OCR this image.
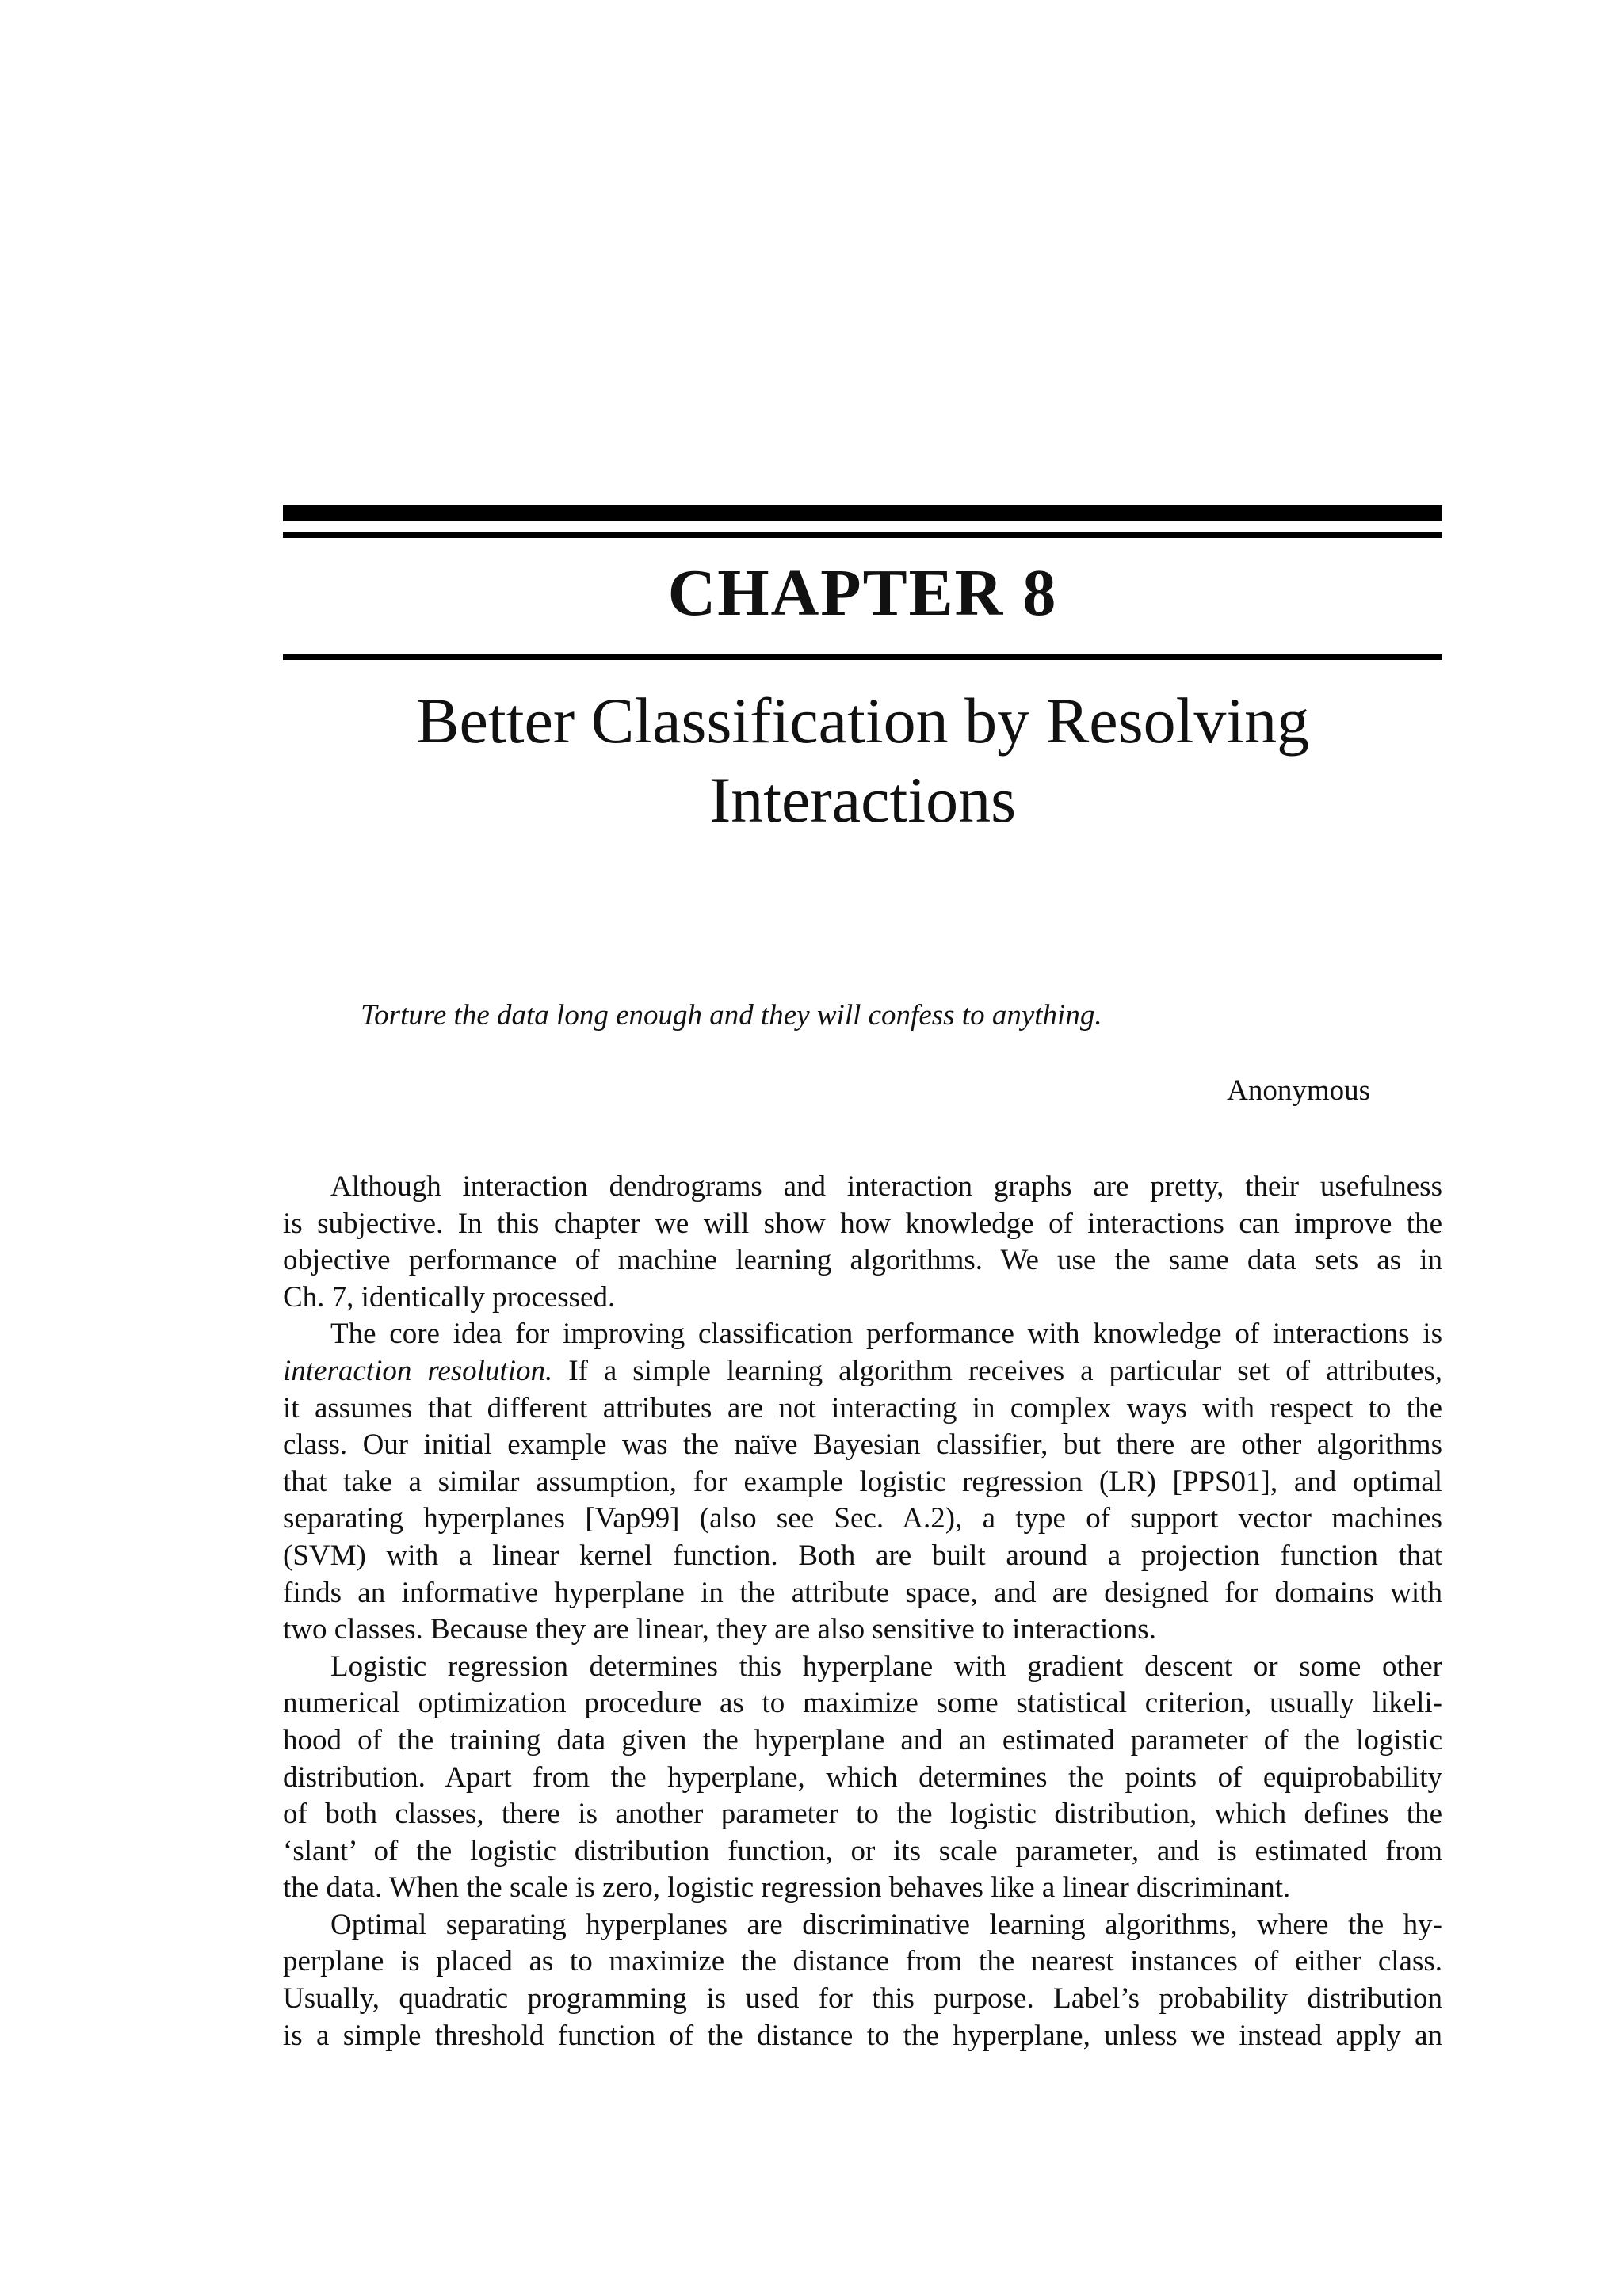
CHAPTER 8
Better Classification by Resolving
Interactions
Torture the data long enough and they will confess to anything.
Anonymous
Although interaction dendrograms and interaction graphs are pretty, their usefulness
is subjective. In this chapter we will show how knowledge of interactions can improve the
objective performance of machine learning algorithms. We use the same data sets as in
Ch. 7, identically processed.
The core idea for improving classification performance with knowledge of interactions is
interaction resolution. If a simple learning algorithm receives a particular set of attributes,
it assumes that different attributes are not interacting in complex ways with respect to the
class. Our initial example was the naïve Bayesian classifier, but there are other algorithms
that take a similar assumption, for example logistic regression (LR) [PPS01], and optimal
separating hyperplanes [Vap99] (also see Sec. A.2), a type of support vector machines
(SVM) with a linear kernel function. Both are built around a projection function that
finds an informative hyperplane in the attribute space, and are designed for domains with
two classes. Because they are linear, they are also sensitive to interactions.
Logistic regression determines this hyperplane with gradient descent or some other
numerical optimization procedure as to maximize some statistical criterion, usually likeli-
hood of the training data given the hyperplane and an estimated parameter of the logistic
distribution. Apart from the hyperplane, which determines the points of equiprobability
of both classes, there is another parameter to the logistic distribution, which defines the
‘slant’ of the logistic distribution function, or its scale parameter, and is estimated from
the data. When the scale is zero, logistic regression behaves like a linear discriminant.
Optimal separating hyperplanes are discriminative learning algorithms, where the hy-
perplane is placed as to maximize the distance from the nearest instances of either class.
Usually, quadratic programming is used for this purpose. Label’s probability distribution
is a simple threshold function of the distance to the hyperplane, unless we instead apply an
